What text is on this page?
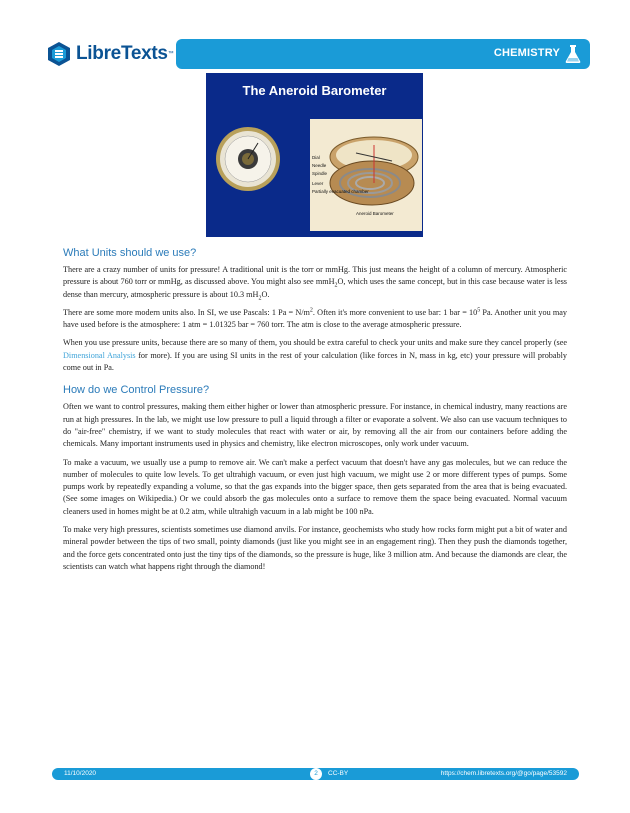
LibreTexts ™	CHEMISTRY
The Aneroid Barometer
Dial
Needle
Spindle
Lever
Partially evacuated chamber
Aneroid Barometer
What Units should we use?

There are a crazy number of units for pressure! A traditional unit is the torr or mmHg. This just means the height of a column of mercury. Atmospheric pressure is about 760 torr or mmHg, as discussed above. You might also see mmH$_2$O, which uses the same concept, but in this case because water is less dense than mercury, atmospheric pressure is about 10.3 $mH_2O$.

There are some more modern units also. In SI, we use Pascals: 1 $Pa = N/m^2$. Often it's more convenient to use bar: 1 bar = $10^5$ Pa. Another unit you may have used before is the atmosphere: 1 atm = 1.01325 bar = 760 torr. The atm is close to the average atmospheric pressure.

When you use pressure units, because there are so many of them, you should be extra careful to check your units and make sure they cancel properly (see Dimensional Analysis for more). If you are using SI units in the rest of your calculation (like forces in N, mass in kg, etc) your pressure will probably come out in Pa.

How do we Control Pressure?

Often we want to control pressures, making them either higher or lower than atmospheric pressure. For instance, in chemical industry, many reactions are run at high pressures. In the lab, we might use low pressure to pull a liquid through a filter or evaporate a solvent. We also can use vacuum techniques to do "air-free" chemistry, if we want to study molecules that react with water or air, by removing all the air from our containers before adding the chemicals. Many important instruments used in physics and chemistry, like electron microscopes, only work under vacuum.

To make a vacuum, we usually use a pump to remove air. We can't make a perfect vacuum that doesn't have any gas molecules, but we can reduce the number of molecules to quite low levels. To get ultrahigh vacuum, or even just high vacuum, we might use 2 or more different types of pumps. Some pumps work by repeatedly expanding a volume, so that the gas expands into the bigger space, then gets separated from the area that is being evacuated. (See some images on Wikipedia.) Or we could absorb the gas molecules onto a surface to remove them the space being evacuated. Normal vacuum cleaners used in homes might be at 0.2 atm, while ultrahigh vacuum in a lab might be 100 nPa.

To make very high pressures, scientists sometimes use diamond anvils. For instance, geochemists who study how rocks form might put a bit of water and mineral powder between the tips of two small, pointy diamonds (just like you might see in an engagement ring). Then they push the diamonds together, and the force gets concentrated onto just the tiny tips of the diamonds, so the pressure is huge, like 3 million atm. And because the diamonds are clear, the scientists can watch what happens right through the diamond!

11/10/2020	2	CC-BY	https://chem.libretexts.org/@go/page/53592
